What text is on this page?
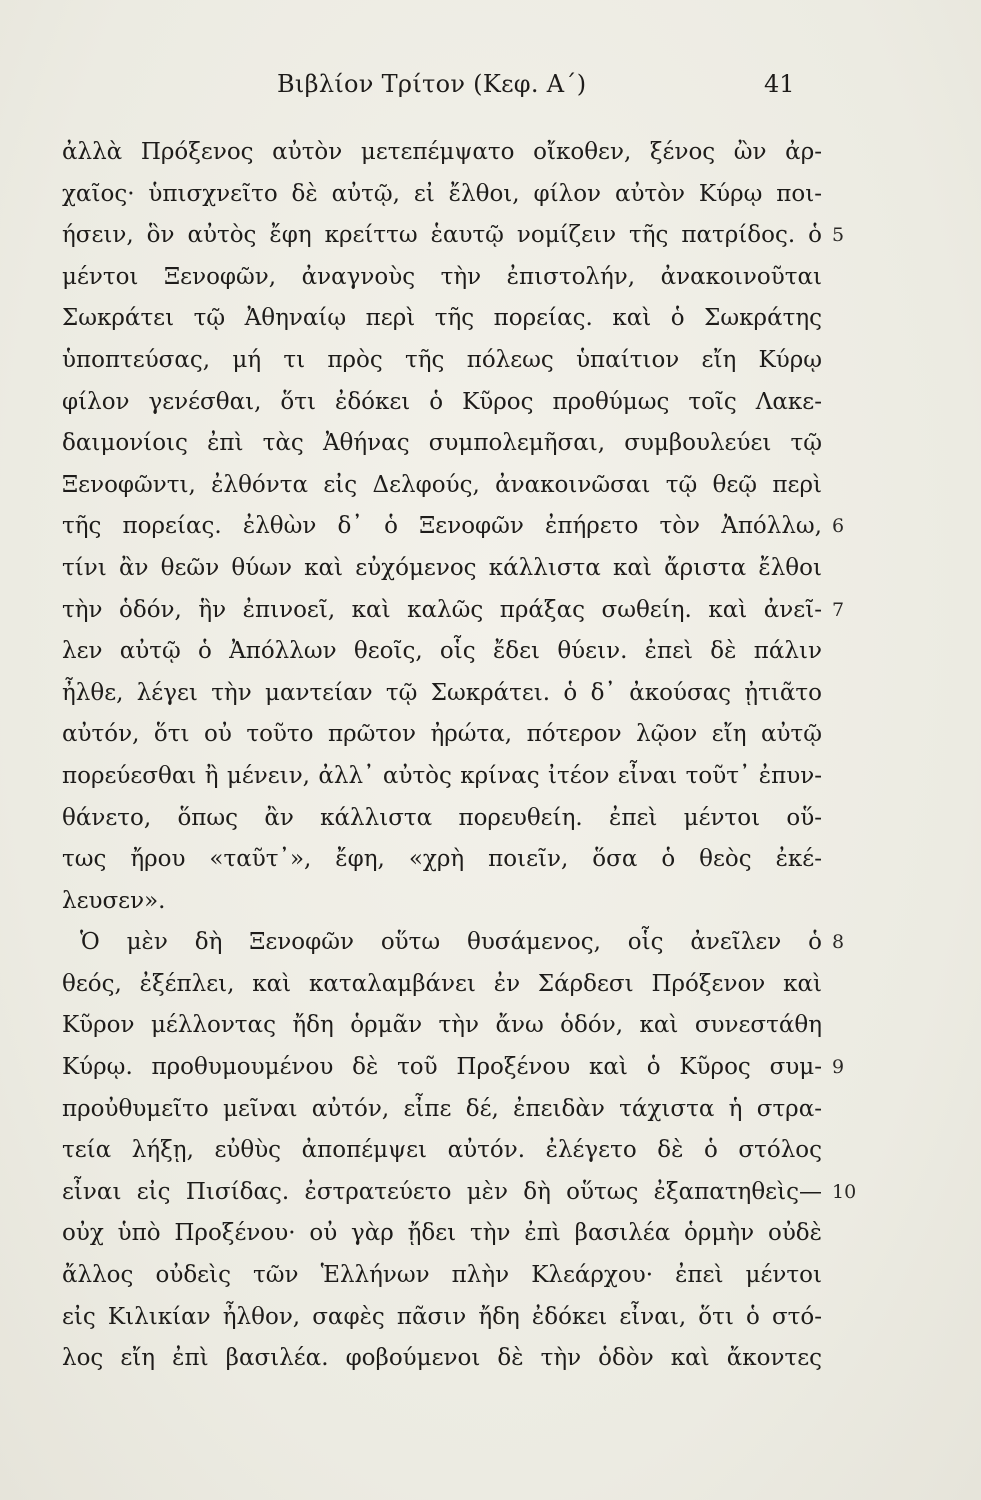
Βιβλίον Τρίτον (Κεφ. Α΄)	41
ἀλλὰ Πρόξενος αὐτὸν μετεπέμψατο οἴκοθεν, ξένος ὢν ἀρ-
χαῖος· ὑπισχνεῖτο δὲ αὐτῷ, εἰ ἔλθοι, φίλον αὐτὸν Κύρῳ ποι-
ήσειν, ὃν αὐτὸς ἔφη κρείττω ἑαυτῷ νομίζειν τῆς πατρίδος. ὁ 5
μέντοι Ξενοφῶν, ἀναγνοὺς τὴν ἐπιστολήν, ἀνακοινοῦται
Σωκράτει τῷ Ἀθηναίῳ περὶ τῆς πορείας. καὶ ὁ Σωκράτης
ὑποπτεύσας, μή τι πρὸς τῆς πόλεως ὑπαίτιον εἴη Κύρῳ
φίλον γενέσθαι, ὅτι ἐδόκει ὁ Κῦρος προθύμως τοῖς Λακε-
δαιμονίοις ἐπὶ τὰς Ἀθήνας συμπολεμῆσαι, συμβουλεύει τῷ
Ξενοφῶντι, ἐλθόντα εἰς Δελφούς, ἀνακοινῶσαι τῷ θεῷ περὶ
τῆς πορείας. ἐλθὼν δ᾽ ὁ Ξενοφῶν ἐπήρετο τὸν Ἀπόλλω, 6
τίνι ἂν θεῶν θύων καὶ εὐχόμενος κάλλιστα καὶ ἄριστα ἔλθοι
τὴν ὁδόν, ἣν ἐπινοεῖ, καὶ καλῶς πράξας σωθείη. καὶ ἀνεῖ- 7
λεν αὐτῷ ὁ Ἀπόλλων θεοῖς, οἷς ἔδει θύειν. ἐπεὶ δὲ πάλιν
ἦλθε, λέγει τὴν μαντείαν τῷ Σωκράτει. ὁ δ᾽ ἀκούσας ᾐτιᾶτο
αὐτόν, ὅτι οὐ τοῦτο πρῶτον ἠρώτα, πότερον λῷον εἴη αὐτῷ
πορεύεσθαι ἢ μένειν, ἀλλ᾽ αὐτὸς κρίνας ἰτέον εἶναι τοῦτ᾽ ἐπυν-
θάνετο, ὅπως ἂν κάλλιστα πορευθείη. ἐπεὶ μέντοι οὕ-
τως ἤρου «ταῦτ᾽», ἔφη, «χρὴ ποιεῖν, ὅσα ὁ θεὸς ἐκέ-
λευσεν».
Ὁ μὲν δὴ Ξενοφῶν οὕτω θυσάμενος, οἷς ἀνεῖλεν ὁ 8
θεός, ἐξέπλει, καὶ καταλαμβάνει ἐν Σάρδεσι Πρόξενον καὶ
Κῦρον μέλλοντας ἤδη ὁρμᾶν τὴν ἄνω ὁδόν, καὶ συνεστάθη
Κύρῳ. προθυμουμένου δὲ τοῦ Προξένου καὶ ὁ Κῦρος συμ- 9
προὐθυμεῖτο μεῖναι αὐτόν, εἶπε δέ, ἐπειδὰν τάχιστα ἡ στρα-
τεία λήξῃ, εὐθὺς ἀποπέμψει αὐτόν. ἐλέγετο δὲ ὁ στόλος
εἶναι εἰς Πισίδας. ἐστρατεύετο μὲν δὴ οὕτως ἐξαπατηθεὶς— 10
οὐχ ὑπὸ Προξένου· οὐ γὰρ ᾔδει τὴν ἐπὶ βασιλέα ὁρμὴν οὐδὲ
ἄλλος οὐδεὶς τῶν Ἑλλήνων πλὴν Κλεάρχου· ἐπεὶ μέντοι
εἰς Κιλικίαν ἦλθον, σαφὲς πᾶσιν ἤδη ἐδόκει εἶναι, ὅτι ὁ στό-
λος εἴη ἐπὶ βασιλέα. φοβούμενοι δὲ τὴν ὁδὸν καὶ ἄκοντες
